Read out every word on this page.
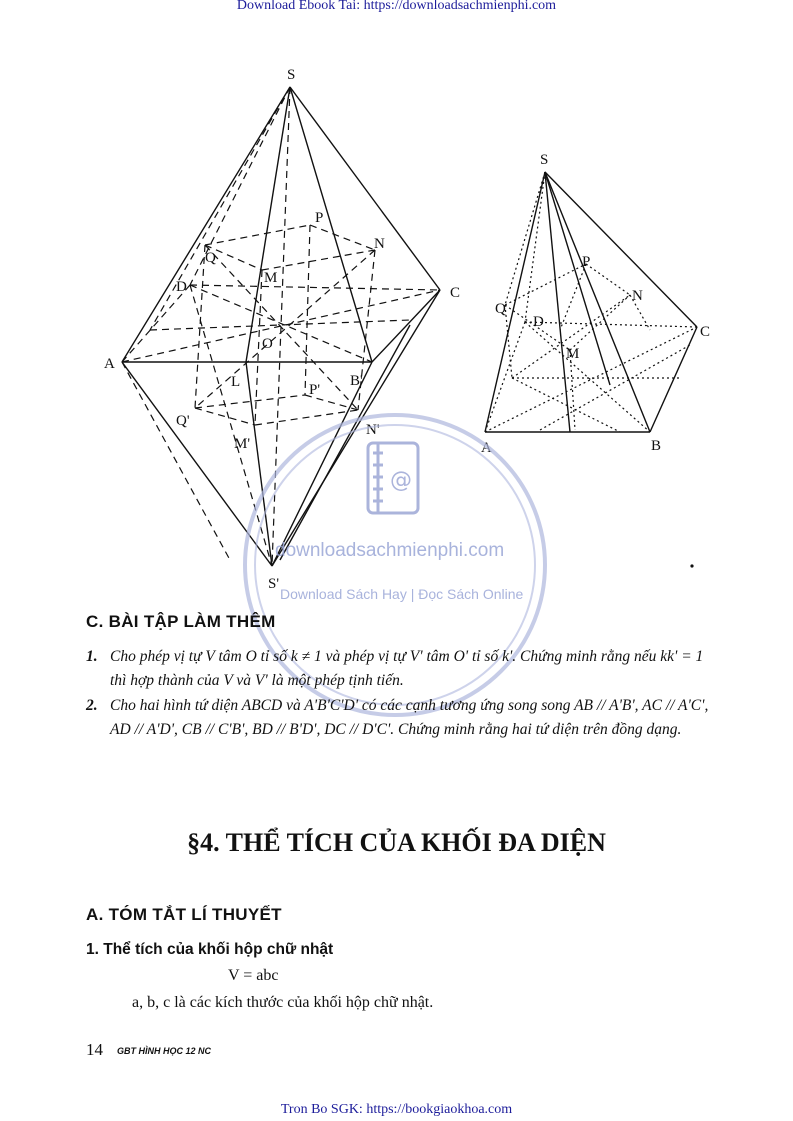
Download Ebook Tai: https://downloadsachmienphi.com
S
S'
A
B'
C
D
O
L
M
N
P
Q
M'
N'
P'
Q'
S
A	B
C
D
M
N
P
Q
@
downloadsachmienphi.com
Download Sách Hay | Đọc Sách Online
C. BÀI TẬP LÀM THÊM
1. Cho phép vị tự V tâm O tỉ số k ≠ 1 và phép vị tự V' tâm O' tỉ số k'. Chứng minh rằng nếu kk' = 1 thì hợp thành của V và V' là một phép tịnh tiến.
2. Cho hai hình tứ diện ABCD và A'B'C'D' có các cạnh tương ứng song song AB // A'B', AC // A'C', AD // A'D', CB // C'B', BD // B'D', DC // D'C'. Chứng minh rằng hai tứ diện trên đồng dạng.
§4. THỂ TÍCH CỦA KHỐI ĐA DIỆN
A. TÓM TẮT LÍ THUYẾT
1. Thể tích của khối hộp chữ nhật
V = abc
a, b, c là các kích thước của khối hộp chữ nhật.
14 GBT HÌNH HỌC 12 NC
Tron Bo SGK: https://bookgiaokhoa.com
